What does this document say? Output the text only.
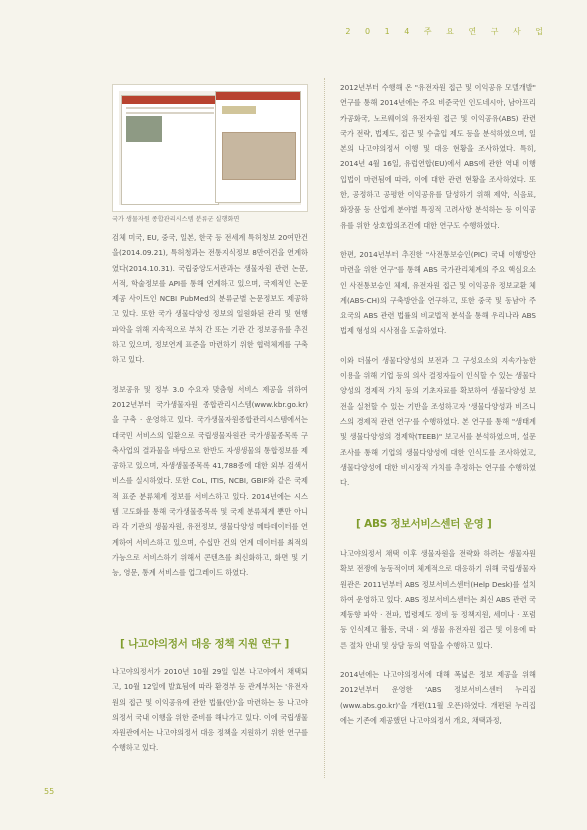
2 0 1 4 주 요 연 구 사 업
국가 생물자원 종합관리시스템 분류군 실행화면

검체 미국, EU, 중국, 일본, 한국 등 전세계 특허청보 20여만건을(2014.09.21), 특허청과는 전통지식정보 8만여건을 연계하였다(2014.10.31). 국립중앙도서관과는 생물자원 관련 논문, 서적, 학술정보를 API를 통해 연계하고 있으며, 국제적인 논문제공 사이트인 NCBI PubMed의 분류군별 논문정보도 제공하고 있다. 또한 국가 생물다양성 정보의 일원화된 관리 및 현행파악을 위해 지속적으로 부처 간 또는 기관 간 정보공유를 추진하고 있으며, 정보연계 표준을 마련하기 위한 협력체계를 구축하고 있다.

정보공유 및 정부 3.0 수요자 맞춤형 서비스 제공을 위하여 2012년부터 국가생물자원 종합관리시스템(www.kbr.go.kr)을 구축 · 운영하고 있다. 국가생물자원종합관리시스템에서는 대국민 서비스의 일환으로 국립생물자원관 국가생물종목록 구축사업의 결과물을 바탕으로 한반도 자생생물의 통합정보를 제공하고 있으며, 자생생물종목록 41,788종에 대한 외부 검색서비스를 실시하였다. 또한 CoL, ITIS, NCBI, GBIF와 같은 국제적 표준 분류체계 정보를 서비스하고 있다. 2014년에는 시스템 고도화를 통해 국가생물종목록 및 국제 분류체계 뿐만 아니라 각 기관의 생물자원, 유전정보, 생물다양성 메타데이터를 연계하여 서비스하고 있으며, 수십만 건의 연계 데이터를 최적의 가능으로 서비스하기 위해서 콘텐츠를 최신화하고, 화면 및 기능, 영문, 통계 서비스를 업그레이드 하였다.

[ 나고야의정서 대응 정책 지원 연구 ]

나고야의정서가 2010년 10월 29일 일본 나고야에서 채택되고, 10월 12일에 발효됨에 따라 환경부 등 관계부처는 '유전자원의 접근 및 이익공유에 관한 법률(안)'을 마련하는 등 나고야의정서 국내 이행을 위한 준비를 해나가고 있다. 이에 국립생물자원관에서는 나고야의정서 대응 정책을 지원하기 위한 연구를 수행하고 있다.

2012년부터 수행해 온 "유전자원 접근 및 이익공유 모델개발" 연구를 통해 2014년에는 주요 비준국인 인도네시아, 남아프리카공화국, 노르웨이의 유전자원 접근 및 이익공유(ABS) 관련 국가 전략, 법제도, 접근 및 수출입 제도 등을 분석하였으며, 일본의 나고야의정서 이행 및 대응 현황을 조사하였다. 특히, 2014년 4월 16일, 유럽연합(EU)에서 ABS에 관한 역내 이행입법이 마련됨에 따라, 이에 대한 관련 현황을 조사하였다. 또한, 공정하고 공평한 이익공유를 달성하기 위해 제약, 식음료, 화장품 등 산업계 분야별 특징적 고려사항 분석하는 등 이익공유를 위한 상호합의조건에 대한 연구도 수행하였다.

한편, 2014년부터 추진한 "사전통보승인(PIC) 국내 이행방안 마련을 위한 연구"를 통해 ABS 국가관리체계의 주요 핵심요소인 사전통보승인 체제, 유전자원 접근 및 이익공유 정보교환 체계(ABS-CH)의 구축방안을 연구하고, 또한 중국 및 동남아 주요국의 ABS 관련 법률의 비교법적 분석을 통해 우리나라 ABS 법제 형성의 시사점을 도출하였다.

이와 더불어 생물다양성의 보전과 그 구성요소의 지속가능한 이용을 위해 기업 등의 의사 결정자들이 인식할 수 있는 생물다양성의 경제적 가치 등의 기초자료를 확보하여 생물다양성 보전을 실천할 수 있는 기반을 조성하고자 '생물다양성과 비즈니스의 경제적 관련 연구'를 수행하였다. 본 연구를 통해 "생태계 및 생물다양성의 경제학(TEEB)" 보고서를 분석하였으며, 설문조사를 통해 기업의 생물다양성에 대한 인식도를 조사하였고, 생물다양성에 대한 비시장적 가치를 추정하는 연구를 수행하였다.

[ ABS 정보서비스센터 운영 ]

나고야의정서 채택 이후 생물자원을 전략화 하려는 생물자원 확보 전쟁에 능동적이며 체계적으로 대응하기 위해 국립생물자원관은 2011년부터 ABS 정보서비스센터(Help Desk)를 설치하여 운영하고 있다. ABS 정보서비스센터는 최신 ABS 관련 국제동향 파악 · 전파, 법령제도 정비 등 정책지원, 세미나 · 포럼 등 인식제고 활동, 국내 · 외 생물 유전자원 접근 및 이용에 따른 절차 안내 및 상담 등의 역할을 수행하고 있다.

2014년에는 나고야의정서에 대해 폭넓은 정보 제공을 위해 2012년부터 운영한 'ABS 정보서비스센터 누리집(www.abs.go.kr)'을 개편(11월 오픈)하였다. 개편된 누리집에는 기존에 제공했던 나고야의정서 개요, 채택과정,

55
